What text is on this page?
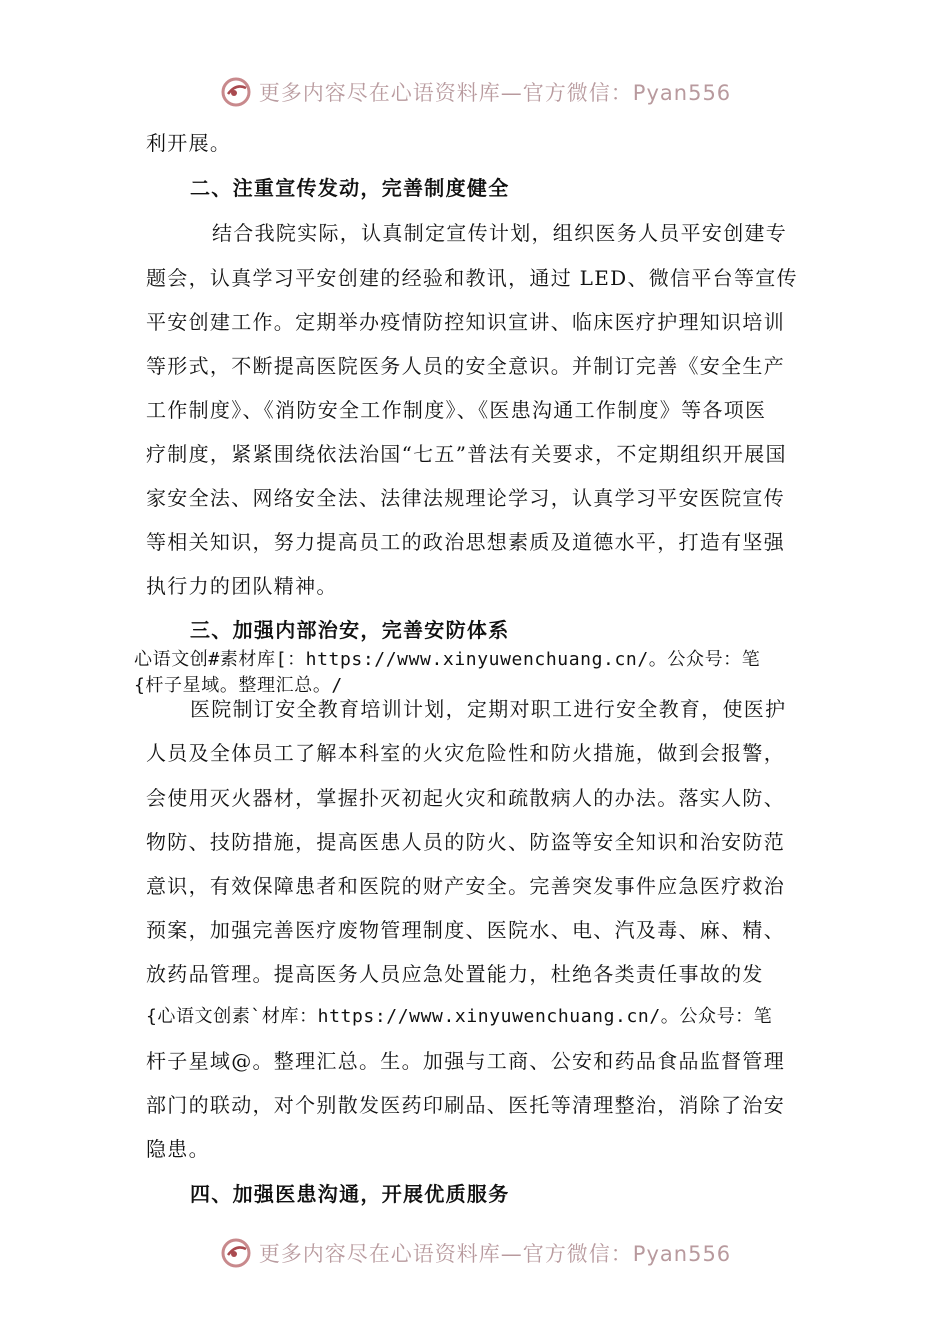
更多内容尽在心语资料库—官方微信：Pyan556
利开展。
二、注重宣传发动，完善制度健全
结合我院实际，认真制定宣传计划，组织医务人员平安创建专
题会，认真学习平安创建的经验和教讯，通过 LED、微信平台等宣传
平安创建工作。定期举办疫情防控知识宣讲、临床医疗护理知识培训
等形式，不断提高医院医务人员的安全意识。并制订完善《安全生产
工作制度》、《消防安全工作制度》、《医患沟通工作制度》等各项医
疗制度，紧紧围绕依法治国“七五”普法有关要求，不定期组织开展国
家安全法、网络安全法、法律法规理论学习，认真学习平安医院宣传
等相关知识，努力提高员工的政治思想素质及道德水平，打造有坚强
执行力的团队精神。
三、加强内部治安，完善安防体系
心语文创#素材库[：https://www.xinyuwenchuang.cn/。公众号：笔
{杆子星域。整理汇总。/
医院制订安全教育培训计划，定期对职工进行安全教育，使医护
人员及全体员工了解本科室的火灾危险性和防火措施，做到会报警，
会使用灭火器材，掌握扑灭初起火灾和疏散病人的办法。落实人防、
物防、技防措施，提高医患人员的防火、防盗等安全知识和治安防范
意识，有效保障患者和医院的财产安全。完善突发事件应急医疗救治
预案，加强完善医疗废物管理制度、医院水、电、汽及毒、麻、精、
放药品管理。提高医务人员应急处置能力，杜绝各类责任事故的发
{心语文创素`材库：https://www.xinyuwenchuang.cn/。公众号：笔
杆子星域@。整理汇总。生。加强与工商、公安和药品食品监督管理
部门的联动，对个别散发医药印刷品、医托等清理整治，消除了治安
隐患。
四、加强医患沟通，开展优质服务
更多内容尽在心语资料库—官方微信：Pyan556
